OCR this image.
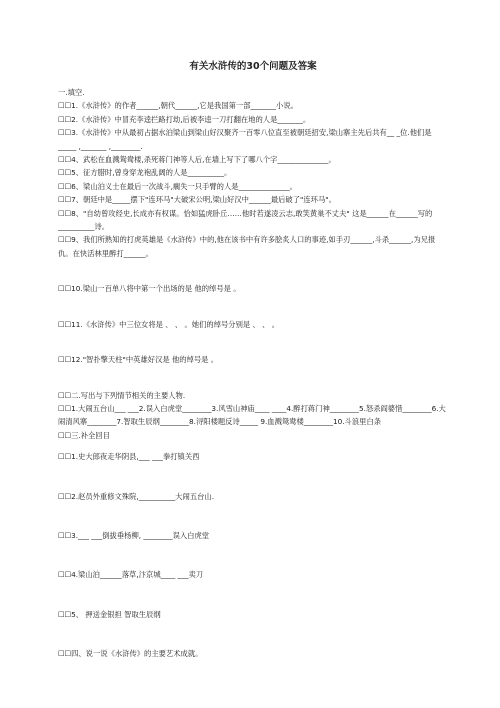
有关水浒传的30个问题及答案
一.填空.
☐☐1.《水浒传》的作者______,朝代______,它是我国第一部_______小说。
☐☐2.《水浒传》中冒充李逵拦路打劫,后被李逵一刀打翻在地的人是_______。
☐☐3.《水浒传》中从最初占据水泊梁山到梁山好汉聚齐一百零八位直至被朝廷招安,梁山寨主先后共有__ _位.他们是_____ ,_______ ,________.
☐☐4、武松在血溅鸳鸯楼,杀死蒋门神等人后,在墙上写下了哪八个字______________。
☐☐5、征方腊时,曾身穿龙袍乱阔的人是__________。
☐☐6、梁山泊义士在最后一次战斗,瘸失一只手臂的人是______________。
☐☐7、朝廷中是_____摆下"连环马"大破宋公明,梁山好汉中______最后破了"连环马"。
☐☐8、"自幼曾攻经史,长成亦有权谋。恰如猛虎卧丘……他时若遂凌云志,敢笑黄巢不丈夫" 这是______在______写的__________诗。
☐☐9、我们所熟知的打虎英雄是《水浒传》中的,他在该书中有许多脍炙人口的事迹,如手刃______,斗杀______,为兄报仇。在快活林里醉打______。
☐☐10.梁山一百单八将中第一个出场的是 他的绰号是 。
☐☐11.《水浒传》中三位女将是 、 、 。她们的绰号分别是 、 、 。
☐☐12."智扑擎天柱"中英雄好汉是 他的绰号是 。
☐☐二.写出与下列情节相关的主要人物.
☐☐1.大闹五台山___ ___2.误入白虎堂________3.风雪山神庙____ ____4.醉打蒋门神________5.怒杀阎婆惜________6.大闹清风寨________7.智取生辰纲________8.浔阳楼题反诗_____ 9.血溅鸳鸯楼________10.斗浪里白条
☐☐三.补全回目
☐☐1.史大郎夜走华阴县,___ ___拳打镇关西
☐☐2.赵员外重修文殊院,__________大闹五台山.
☐☐3.___ ___倒拔垂杨柳, ________误入白虎堂
☐☐4.梁山泊______落草,汴京城____ ___卖刀
☐☐5、 押送金银担 智取生辰纲
☐☐四、说一说《水浒传》的主要艺术成就。
